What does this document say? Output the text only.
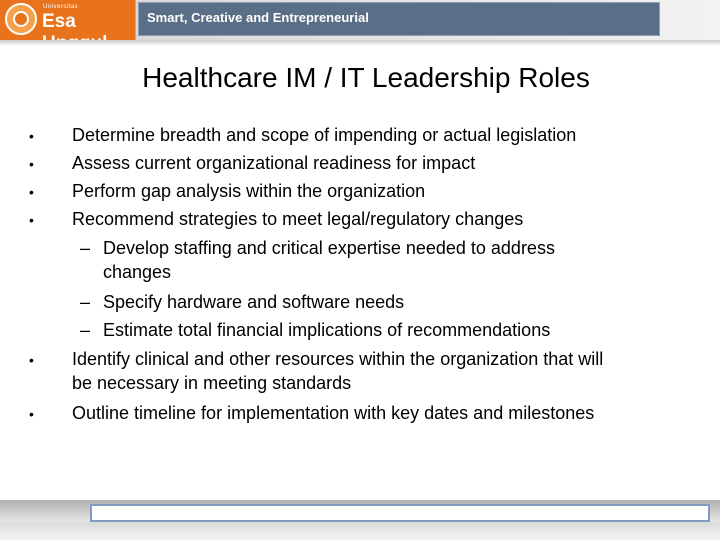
Universitas
Esa	Smart, Creative and Entrepreneurial
Healthcare IM / IT Leadership Roles
• Determine breadth and scope of impending or actual legislation
• Assess current organizational readiness for impact
• Perform gap analysis within the organization
• Recommend strategies to meet legal/regulatory changes
– Develop staffing and critical expertise needed to address
changes
– Specify hardware and software needs
– Estimate total financial implications of recommendations
• Identify clinical and other resources within the organization that will
be necessary in meeting standards
• Outline timeline for implementation with key dates and milestones
